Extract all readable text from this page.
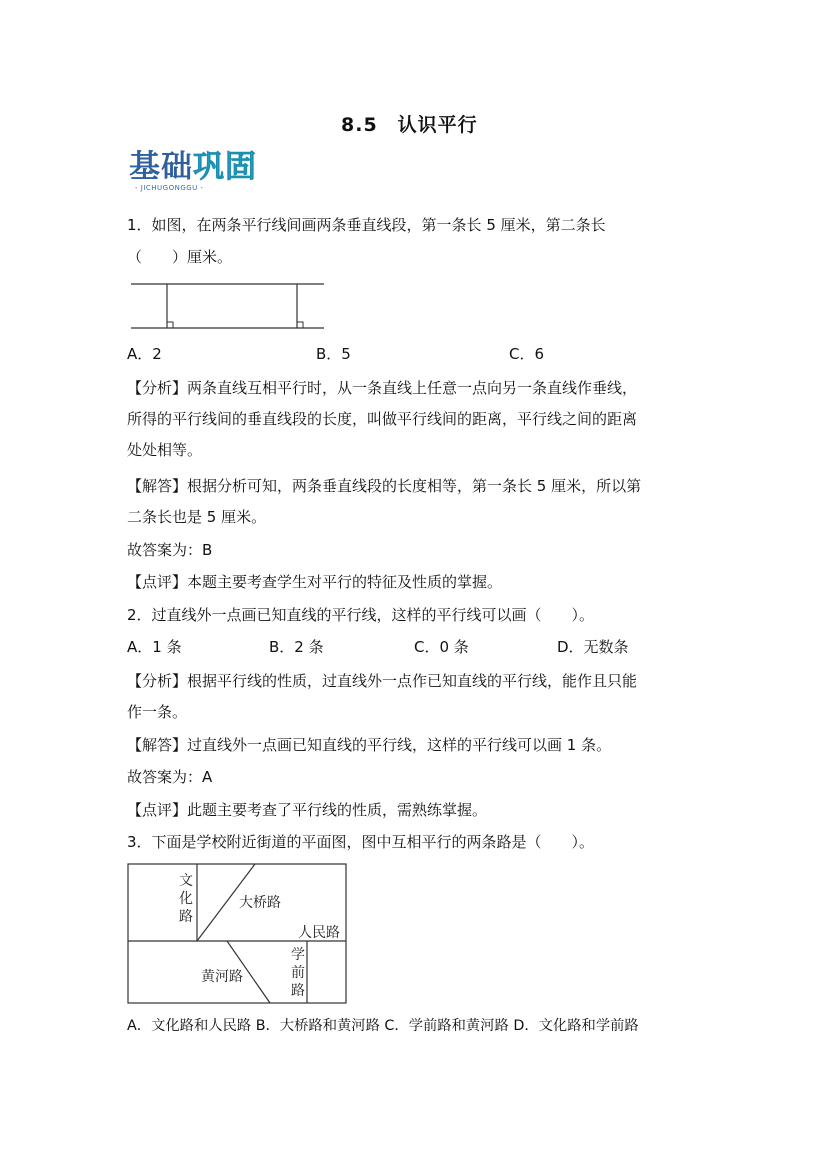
8.5　认识平行
基础巩固
- JICHUGONGGU -
1．如图，在两条平行线间画两条垂直线段，第一条长 5 厘米，第二条长
（　　）厘米。
A．2	B．5	C．6
【分析】两条直线互相平行时，从一条直线上任意一点向另一条直线作垂线，
所得的平行线间的垂直线段的长度，叫做平行线间的距离，平行线之间的距离
处处相等。
【解答】根据分析可知，两条垂直线段的长度相等，第一条长 5 厘米，所以第
二条长也是 5 厘米。
故答案为：B
【点评】本题主要考查学生对平行的特征及性质的掌握。
2．过直线外一点画已知直线的平行线，这样的平行线可以画（　　）。
A．1 条	B．2 条	C．0 条	D．无数条
【分析】根据平行线的性质，过直线外一点作已知直线的平行线，能作且只能
作一条。
【解答】过直线外一点画已知直线的平行线，这样的平行线可以画 1 条。
故答案为：A
【点评】此题主要考查了平行线的性质，需熟练掌握。
3．下面是学校附近街道的平面图，图中互相平行的两条路是（　　）。
文
化
路
大桥路
人民路
学
前
路
黄河路
A．文化路和人民路 B．大桥路和黄河路 C．学前路和黄河路 D．文化路和学前路
